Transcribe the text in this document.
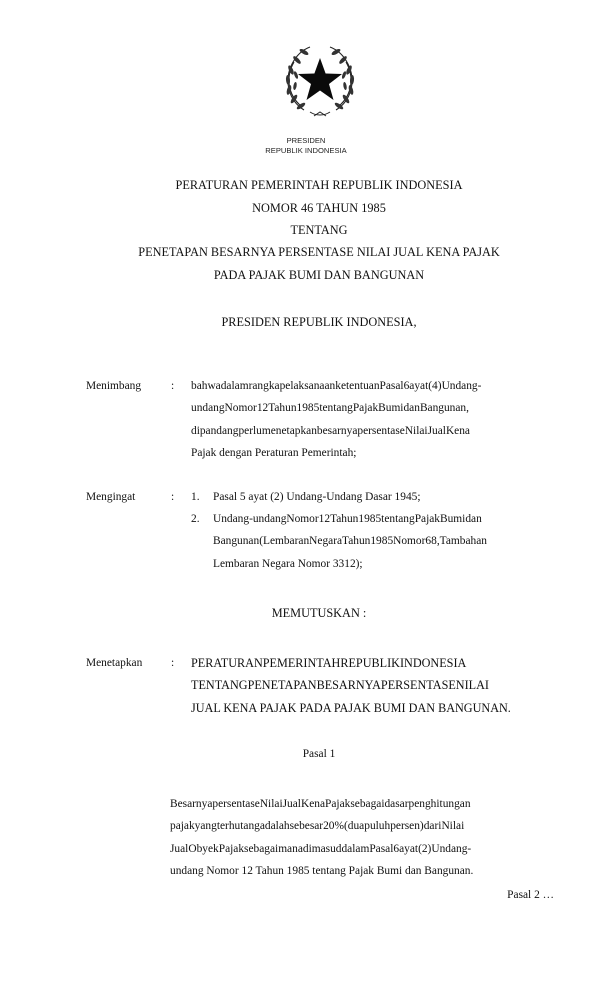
PRESIDEN
REPUBLIK INDONESIA
PERATURAN PEMERINTAH REPUBLIK INDONESIA
NOMOR 46 TAHUN 1985
TENTANG
PENETAPAN BESARNYA PERSENTASE NILAI JUAL KENA PAJAK
PADA PAJAK BUMI DAN BANGUNAN
PRESIDEN REPUBLIK INDONESIA,
Menimbang	: bahwadalamrangkapelaksanaanketentuanPasal6ayat(4)Undang-
undangNomor12Tahun1985tentangPajakBumidanBangunan,
dipandangperlumenetapkanbesarnyapersentaseNilaiJualKena
Pajak dengan Peraturan Pemerintah;
Mengingat	: 1. Pasal 5 ayat (2) Undang-Undang Dasar 1945;
2. Undang-undangNomor12Tahun1985tentangPajakBumidan
Bangunan(LembaranNegaraTahun1985Nomor68,Tambahan
Lembaran Negara Nomor 3312);
MEMUTUSKAN :
Menetapkan	: PERATURANPEMERINTAHREPUBLIKINDONESIA
TENTANGPENETAPANBESARNYAPERSENTASENILAI
JUAL KENA PAJAK PADA PAJAK BUMI DAN BANGUNAN.
Pasal 1
BesarnyapersentaseNilaiJualKenaPajaksebagaidasarpenghitungan
pajakyangterhutangadalahsebesar20%(duapuluhpersen)dariNilai
JualObyekPajaksebagaimanadimasuddalamPasal6ayat(2)Undang-
undang Nomor 12 Tahun 1985 tentang Pajak Bumi dan Bangunan.
Pasal 2 …
